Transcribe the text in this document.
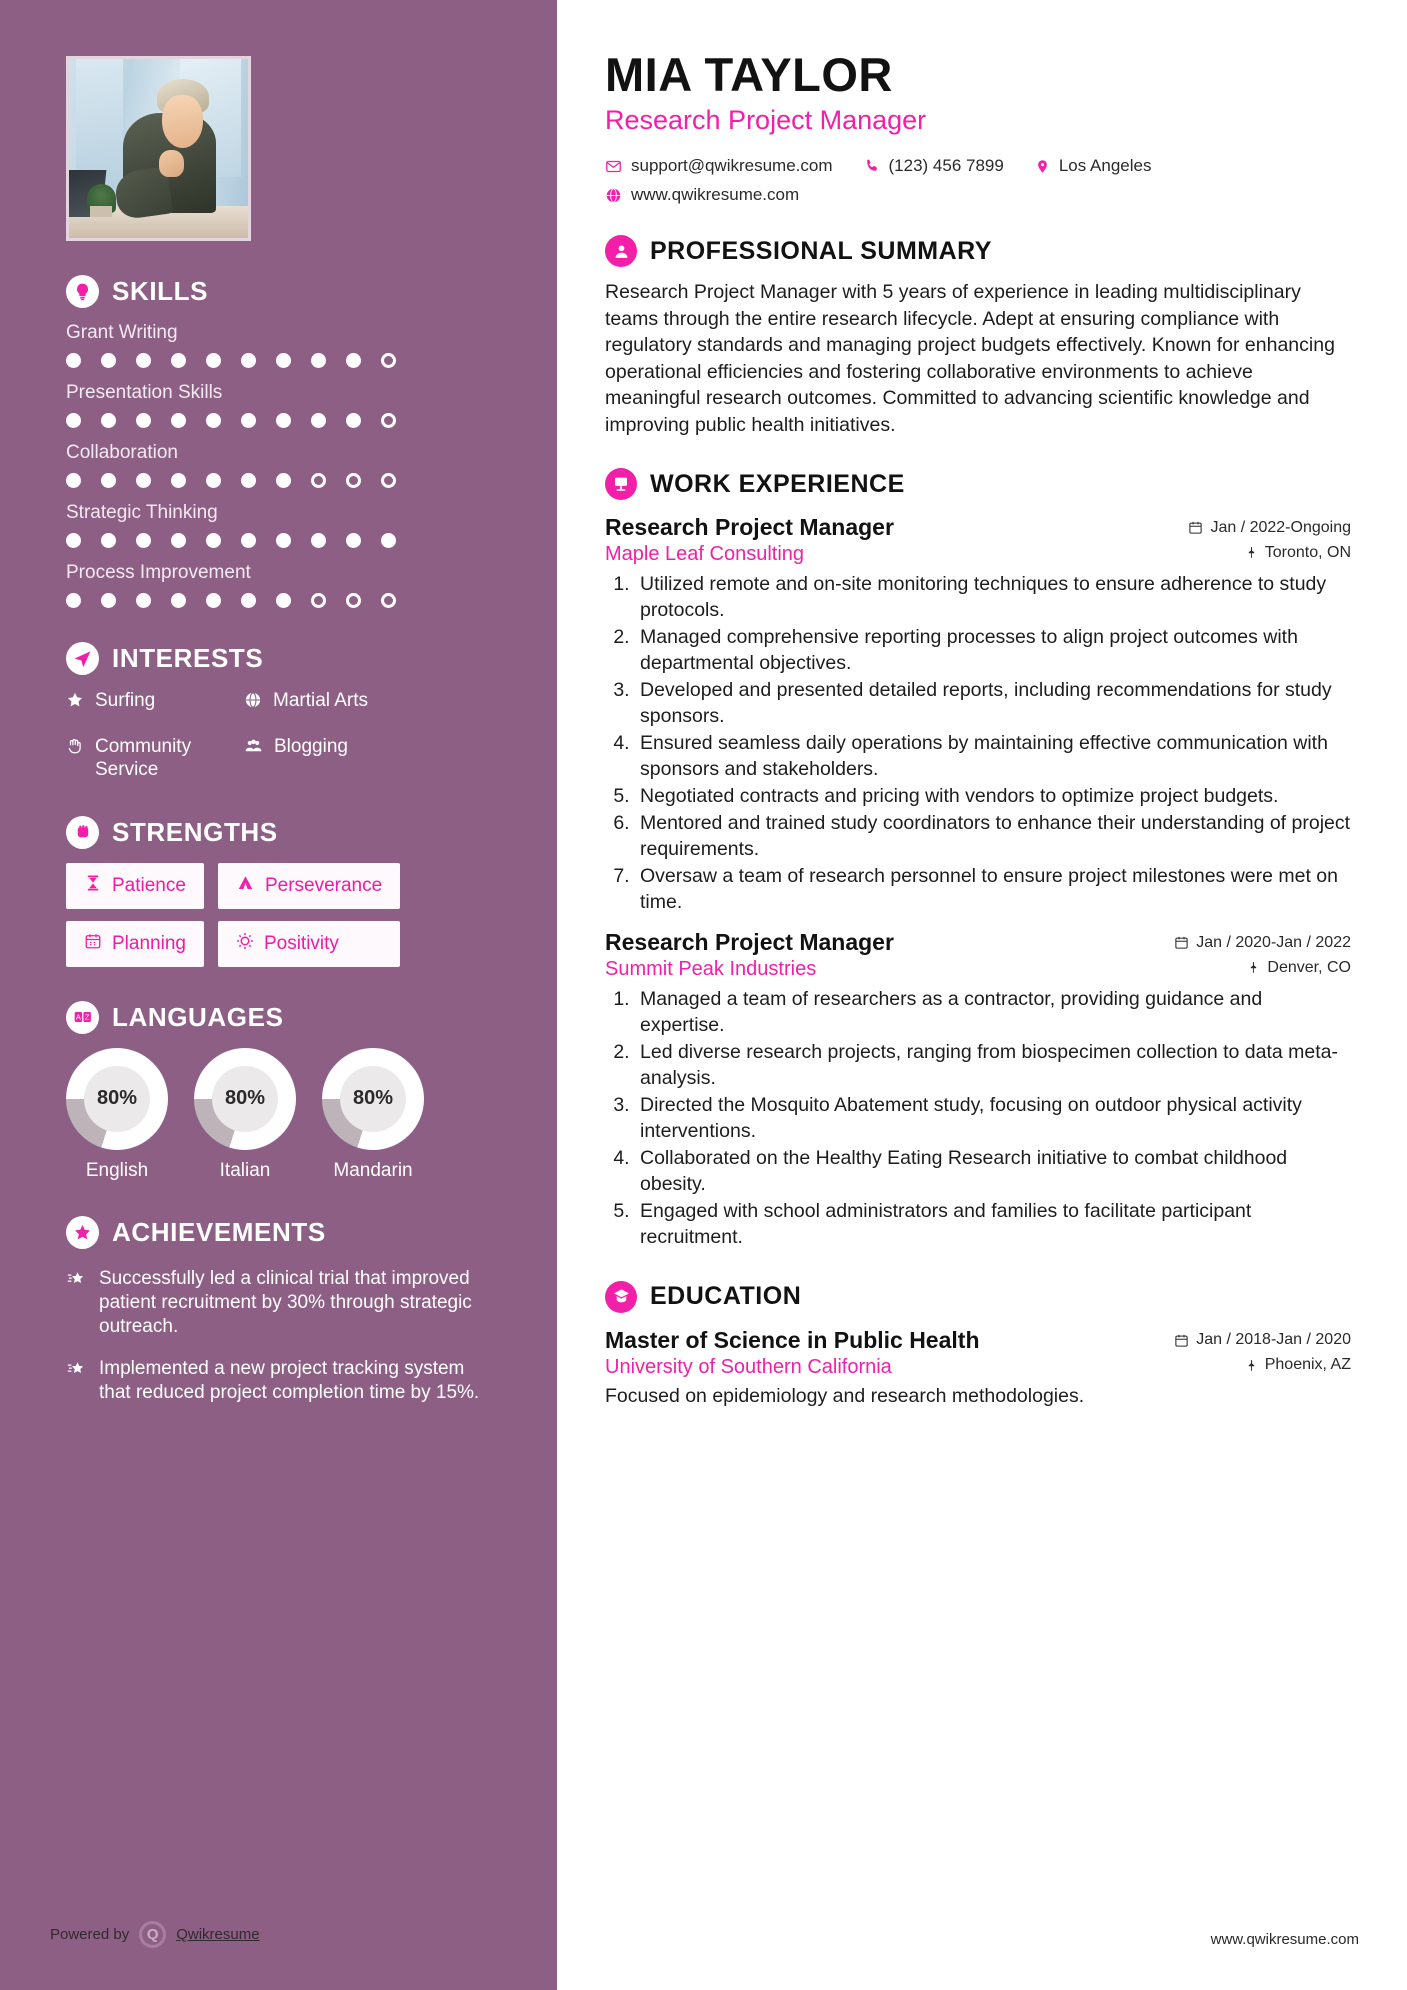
SKILLS
Grant Writing
Presentation Skills
Collaboration
Strategic Thinking
Process Improvement
INTERESTS
Surfing	Martial Arts
Community Service
Blogging
STRENGTHS
Patience	Perseverance
Planning	Positivity
A Z LANGUAGES
80%
English
80%
Italian
80%
Mandarin
ACHIEVEMENTS
Successfully led a clinical trial that improved patient recruitment by 30% through strategic outreach.
Implemented a new project tracking system that reduced project completion time by 15%.
Powered by	Q	Qwikresume
MIA TAYLOR
Research Project Manager
support@qwikresume.com	(123) 456 7899	Los Angeles
www.qwikresume.com
PROFESSIONAL SUMMARY

Research Project Manager with 5 years of experience in leading multidisciplinary teams through the entire research lifecycle. Adept at ensuring compliance with regulatory standards and managing project budgets effectively. Known for enhancing operational efficiencies and fostering collaborative environments to achieve meaningful research outcomes. Committed to advancing scientific knowledge and improving public health initiatives.

WORK EXPERIENCE
Research Project Manager	Jan / 2022-Ongoing
Maple Leaf Consulting	Toronto, ON
1. Utilized remote and on-site monitoring techniques to ensure adherence to study protocols.
2. Managed comprehensive reporting processes to align project outcomes with departmental objectives.
3. Developed and presented detailed reports, including recommendations for study sponsors.
4. Ensured seamless daily operations by maintaining effective communication with sponsors and stakeholders.
5. Negotiated contracts and pricing with vendors to optimize project budgets.
6. Mentored and trained study coordinators to enhance their understanding of project requirements.
7. Oversaw a team of research personnel to ensure project milestones were met on time.
Research Project Manager	Jan / 2020-Jan / 2022
Summit Peak Industries	Denver, CO
1. Managed a team of researchers as a contractor, providing guidance and expertise.
2. Led diverse research projects, ranging from biospecimen collection to data meta-analysis.
3. Directed the Mosquito Abatement study, focusing on outdoor physical activity interventions.
4. Collaborated on the Healthy Eating Research initiative to combat childhood obesity.
5. Engaged with school administrators and families to facilitate participant recruitment.
EDUCATION
Master of Science in Public Health	Jan / 2018-Jan / 2020
University of Southern California	Phoenix, AZ
Focused on epidemiology and research methodologies.
www.qwikresume.com
